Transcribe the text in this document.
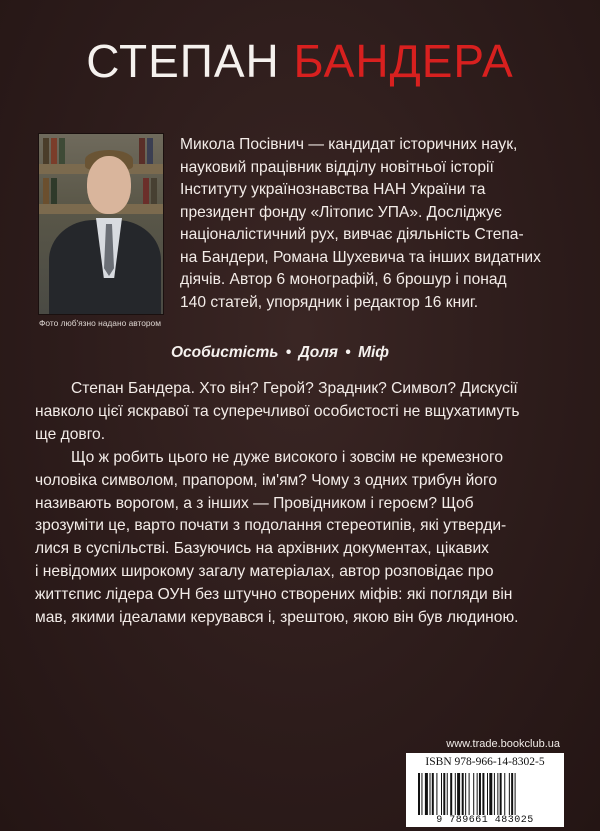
СТЕПАН БАНДЕРА
Фото люб'язно надано автором
Микола Посівнич — кандидат історичних наук,
науковий працівник відділу новітньої історії
Інституту українознавства НАН України та
президент фонду «Літопис УПА». Досліджує
націоналістичний рух, вивчає діяльність Степа-
на Бандери, Романа Шухевича та інших видатних
діячів. Автор 6 монографій, 6 брошур і понад
140 статей, упорядник і редактор 16 книг.
Особистість • Доля • Міф
Степан Бандера. Хто він? Герой? Зрадник? Символ? Дискусії
навколо цієї яскравої та суперечливої особистості не вщухатимуть
ще довго.
Що ж робить цього не дуже високого і зовсім не кремезного
чоловіка символом, прапором, ім'ям? Чому з одних трибун його
називають ворогом, а з інших — Провідником і героєм? Щоб
зрозуміти це, варто почати з подолання стереотипів, які утверди-
лися в суспільстві. Базуючись на архівних документах, цікавих
і невідомих широкому загалу матеріалах, автор розповідає про
життєпис лідера ОУН без штучно створених міфів: які погляди він
мав, якими ідеалами керувався і, зрештою, якою він був людиною.
www.trade.bookclub.ua
ISBN 978-966-14-8302-5
9 789661 483025
